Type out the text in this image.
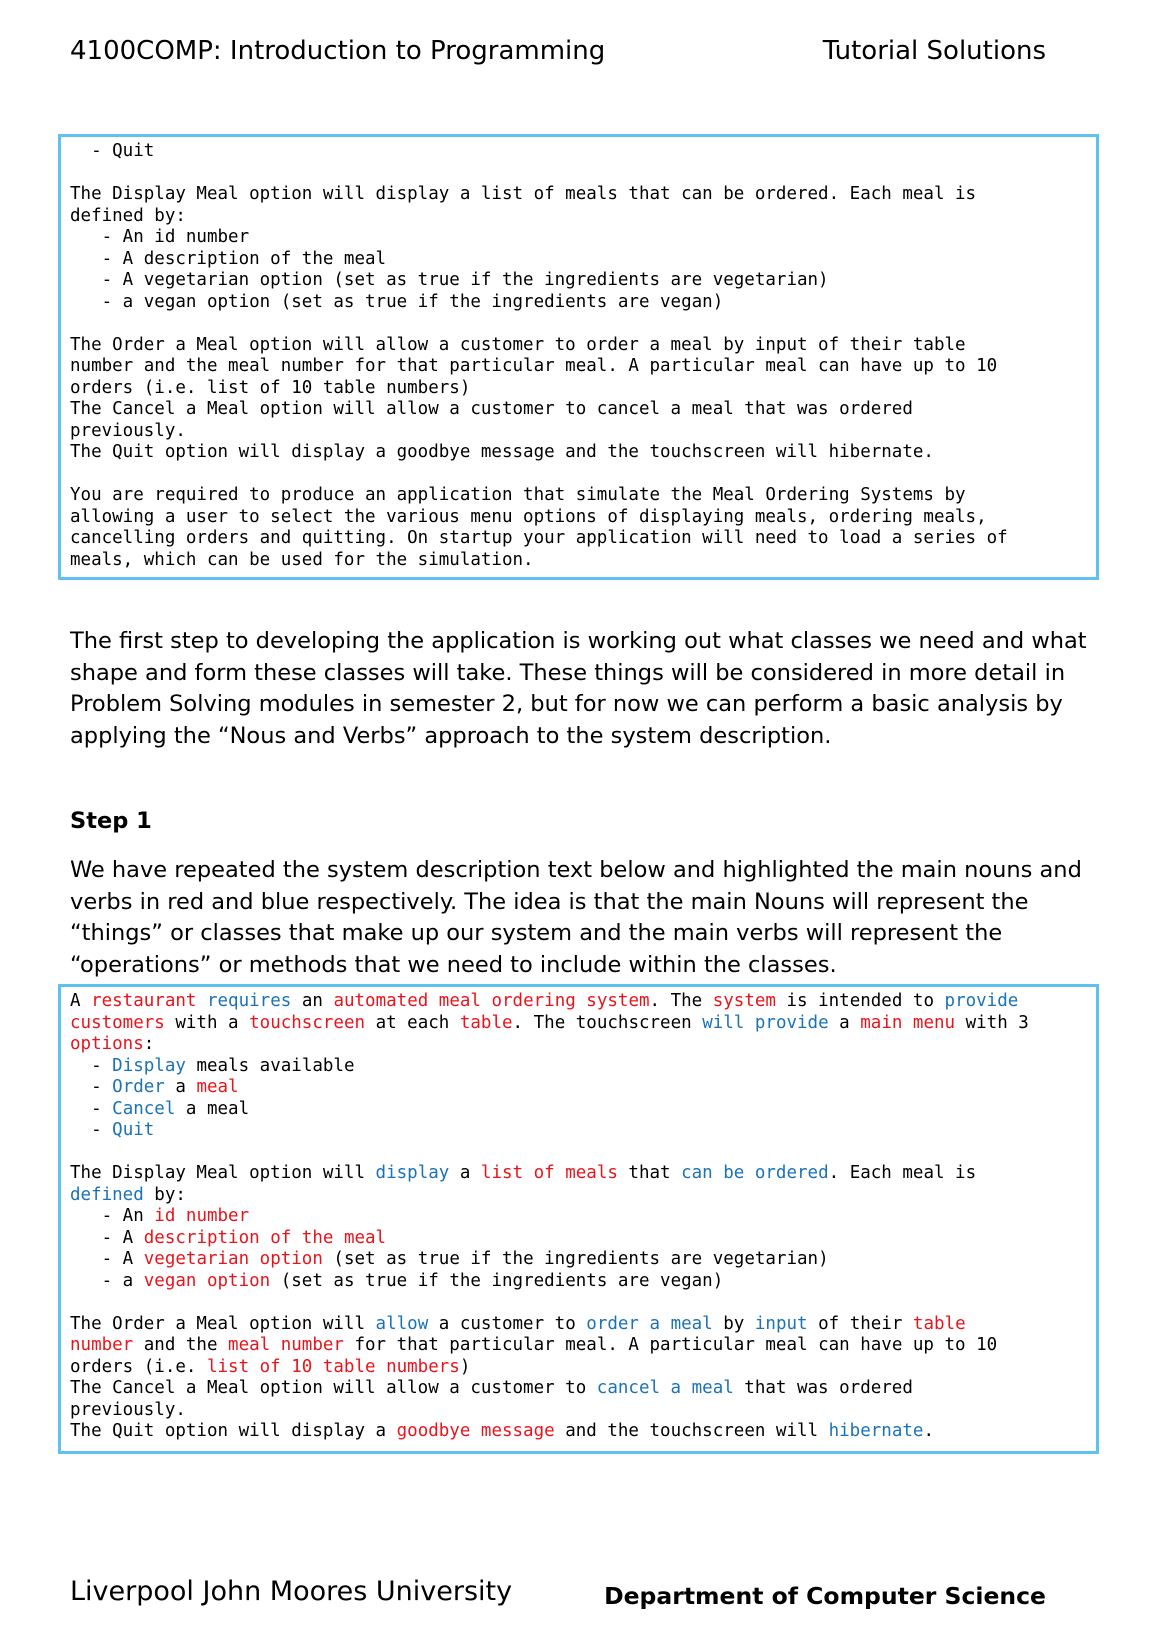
4100COMP: Introduction to Programming	Tutorial Solutions
- Quit
The Display Meal option will display a list of meals that can be ordered. Each meal is
defined by:
- An id number
- A description of the meal
- A vegetarian option (set as true if the ingredients are vegetarian)
- a vegan option (set as true if the ingredients are vegan)
The Order a Meal option will allow a customer to order a meal by input of their table
number and the meal number for that particular meal. A particular meal can have up to 10
orders (i.e. list of 10 table numbers)
The Cancel a Meal option will allow a customer to cancel a meal that was ordered
previously.
The Quit option will display a goodbye message and the touchscreen will hibernate.
You are required to produce an application that simulate the Meal Ordering Systems by
allowing a user to select the various menu options of displaying meals, ordering meals,
cancelling orders and quitting. On startup your application will need to load a series of
meals, which can be used for the simulation.
The first step to developing the application is working out what classes we need and what shape and form these classes will take. These things will be considered in more detail in Problem Solving modules in semester 2, but for now we can perform a basic analysis by applying the “Nous and Verbs” approach to the system description.
Step 1
We have repeated the system description text below and highlighted the main nouns and verbs in red and blue respectively. The idea is that the main Nouns will represent the “things” or classes that make up our system and the main verbs will represent the “operations” or methods that we need to include within the classes.
A restaurant requires an automated meal ordering system. The system is intended to provide
customers with a touchscreen at each table. The touchscreen will provide a main menu with 3
options:
- Display meals available
- Order a meal
- Cancel a meal
- Quit
The Display Meal option will display a list of meals that can be ordered. Each meal is
defined by:
- An id number
- A description of the meal
- A vegetarian option (set as true if the ingredients are vegetarian)
- a vegan option (set as true if the ingredients are vegan)
The Order a Meal option will allow a customer to order a meal by input of their table
number and the meal number for that particular meal. A particular meal can have up to 10
orders (i.e. list of 10 table numbers)
The Cancel a Meal option will allow a customer to cancel a meal that was ordered
previously.
The Quit option will display a goodbye message and the touchscreen will hibernate.
Liverpool John Moores University	Department of Computer Science
